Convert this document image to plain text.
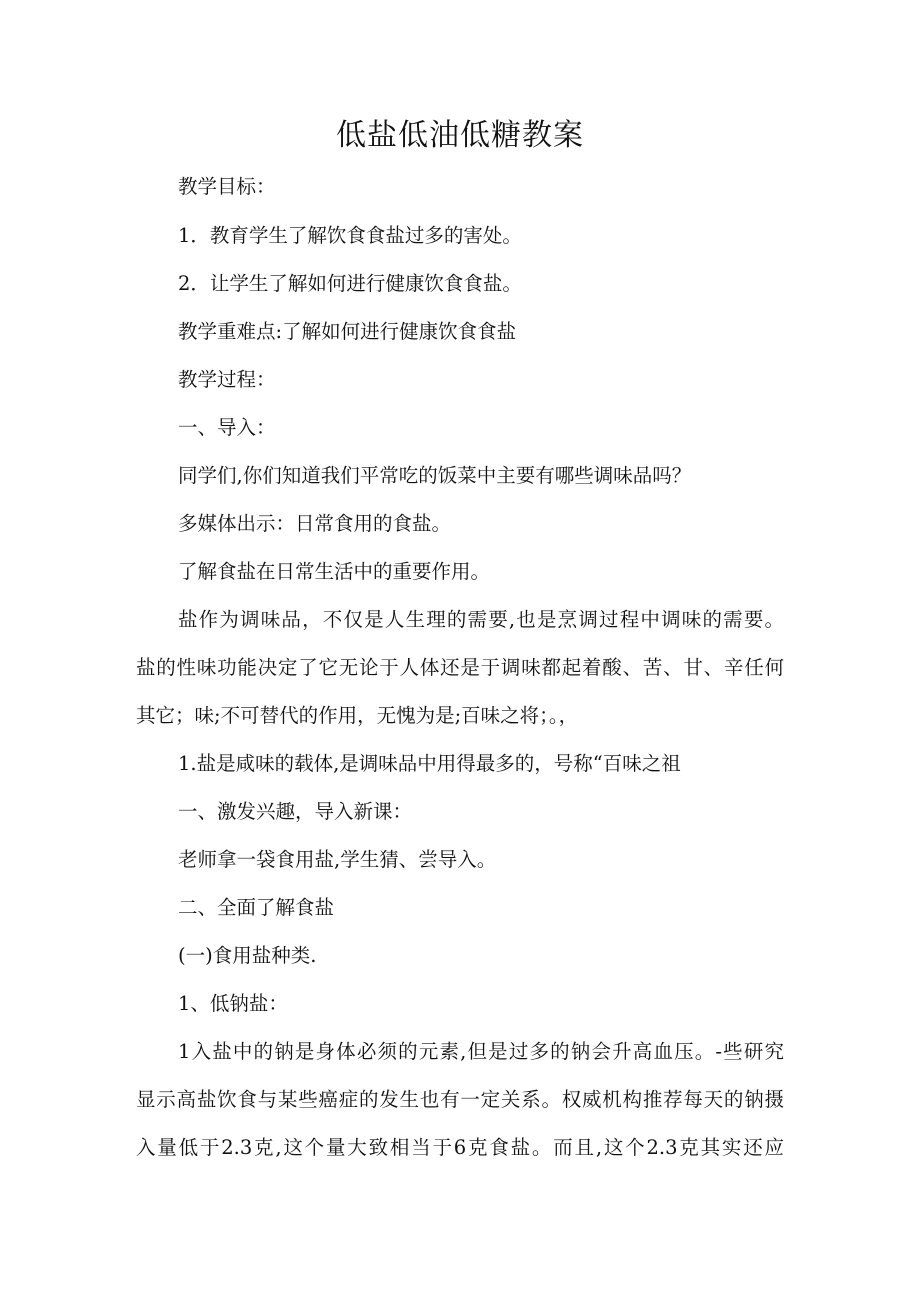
低盐低油低糖教案

教学目标：

1．教育学生了解饮食食盐过多的害处。

2．让学生了解如何进行健康饮食食盐。

教学重难点:了解如何进行健康饮食食盐

教学过程：

一、导入：

同学们,你们知道我们平常吃的饭菜中主要有哪些调味品吗？

多媒体出示：日常食用的食盐。

了解食盐在日常生活中的重要作用。

盐作为调味品，不仅是人生理的需要,也是烹调过程中调味的需要。

盐的性味功能决定了它无论于人体还是于调味都起着酸、苦、甘、辛任何

其它；味;不可替代的作用，无愧为是;百味之将；。，

1.盐是咸味的载体,是调味品中用得最多的，号称“百味之祖

一、激发兴趣，导入新课：

老师拿一袋食用盐,学生猜、尝导入。

二、全面了解食盐

(一)食用盐种类.

1、低钠盐：

1入盐中的钠是身体必须的元素,但是过多的钠会升高血压。-些研究

显示高盐饮食与某些癌症的发生也有一定关系。权威机构推荐每天的钠摄

入量低于2.3克,这个量大致相当于6克食盐。而且,这个2.3克其实还应
